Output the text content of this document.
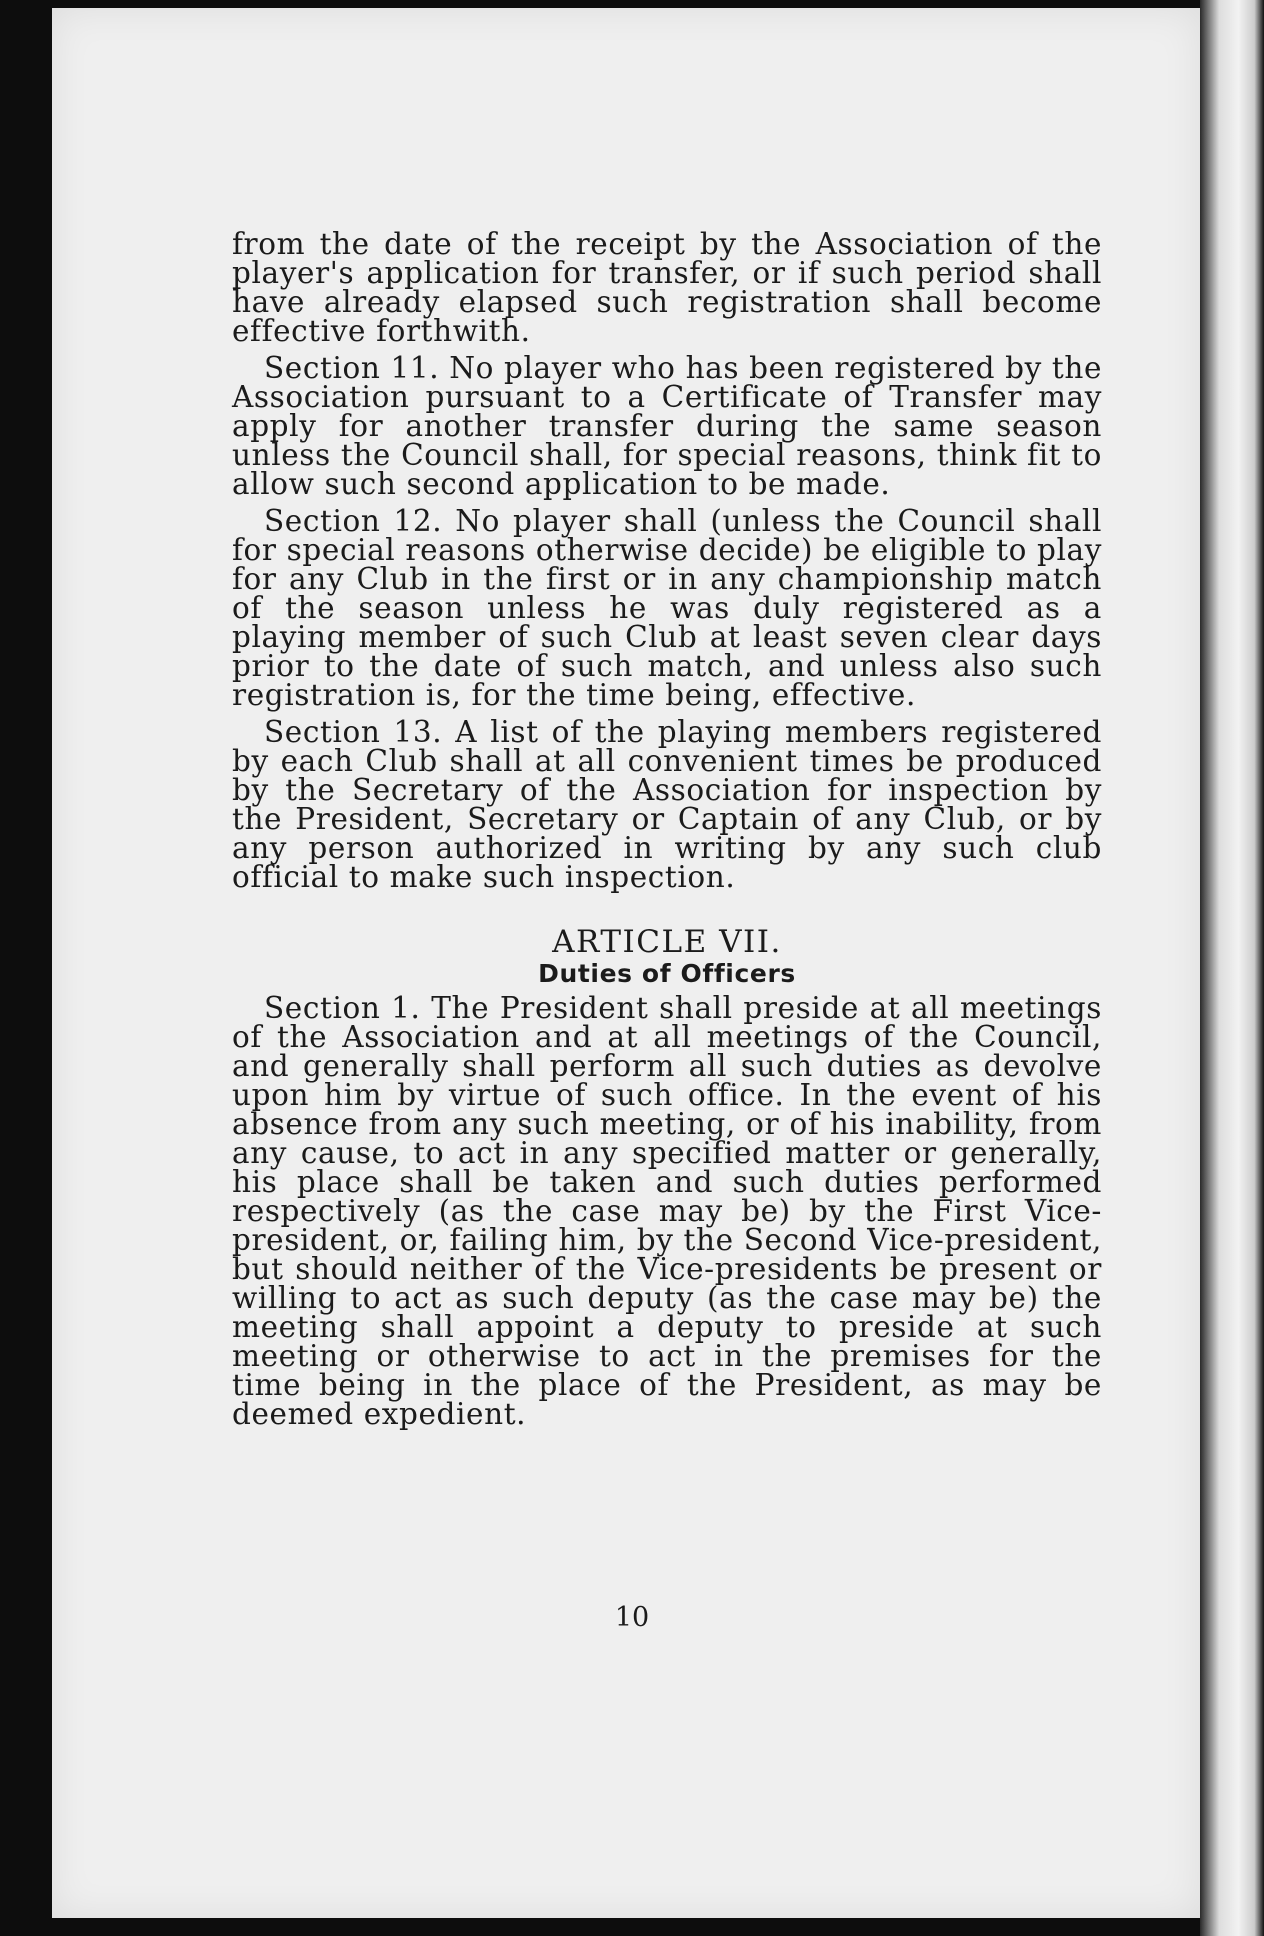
from the date of the receipt by the Association of the player's application for transfer, or if such period shall have already elapsed such registration shall become effective forthwith.

Section 11. No player who has been registered by the Association pursuant to a Certificate of Transfer may apply for another transfer during the same season unless the Council shall, for special reasons, think fit to allow such second application to be made.

Section 12. No player shall (unless the Council shall for special reasons otherwise decide) be eligible to play for any Club in the first or in any championship match of the season unless he was duly registered as a playing member of such Club at least seven clear days prior to the date of such match, and unless also such registration is, for the time being, effective.

Section 13. A list of the playing members registered by each Club shall at all convenient times be produced by the Secretary of the Association for inspection by the President, Secretary or Captain of any Club, or by any person authorized in writing by any such club official to make such inspection.

ARTICLE VII.
Duties of Officers

Section 1. The President shall preside at all meetings of the Association and at all meetings of the Council, and generally shall perform all such duties as devolve upon him by virtue of such office. In the event of his absence from any such meeting, or of his inability, from any cause, to act in any specified matter or generally, his place shall be taken and such duties performed respectively (as the case may be) by the First Vice-president, or, failing him, by the Second Vice-president, but should neither of the Vice-presidents be present or willing to act as such deputy (as the case may be) the meeting shall appoint a deputy to preside at such meeting or otherwise to act in the premises for the time being in the place of the President, as may be deemed expedient.

10
